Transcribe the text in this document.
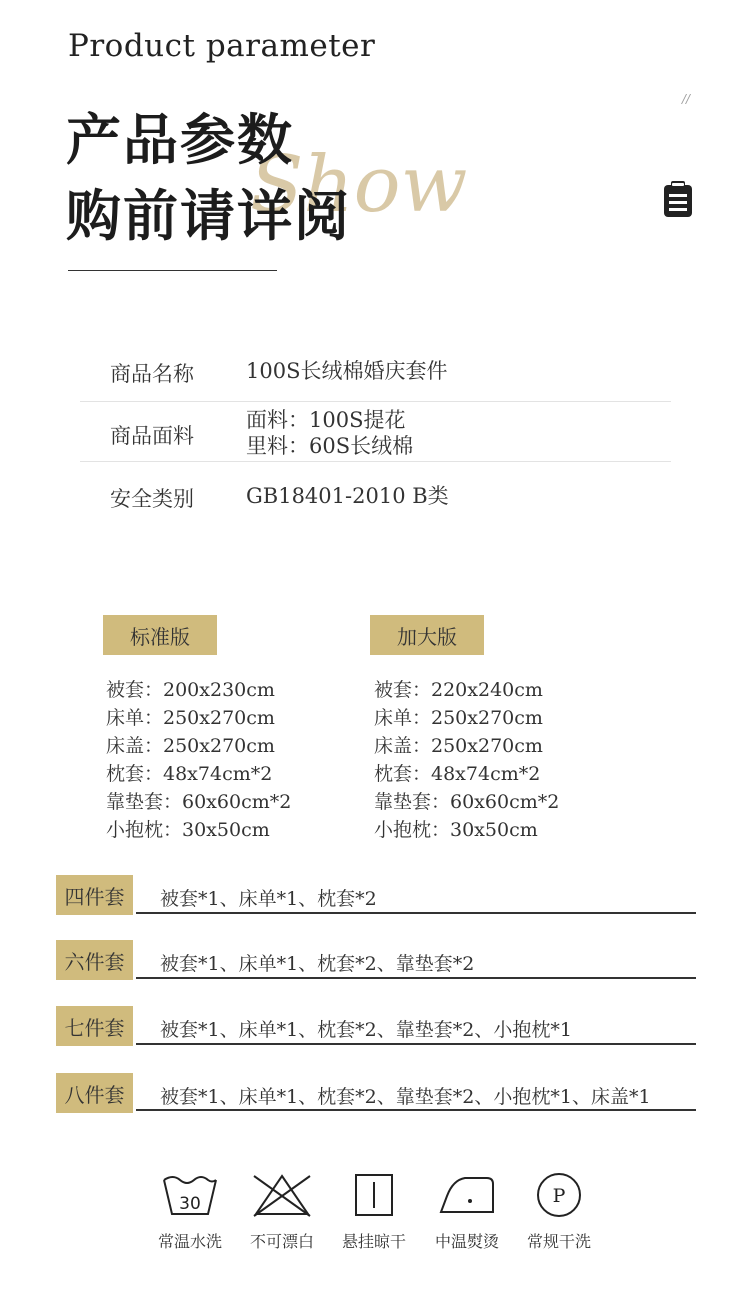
Product parameter
Show
产品参数
购前请详阅
//
商品名称 100S长绒棉婚庆套件
商品面料
面料：100S提花
里料：60S长绒棉
安全类别 GB18401-2010 B类
标准版
被套：200x230cm
床单：250x270cm
床盖：250x270cm
枕套：48x74cm*2
靠垫套：60x60cm*2
小抱枕：30x50cm
加大版
被套：220x240cm
床单：250x270cm
床盖：250x270cm
枕套：48x74cm*2
靠垫套：60x60cm*2
小抱枕：30x50cm
四件套	被套*1、床单*1、枕套*2
六件套	被套*1、床单*1、枕套*2、靠垫套*2
七件套	被套*1、床单*1、枕套*2、靠垫套*2、小抱枕*1
八件套	被套*1、床单*1、枕套*2、靠垫套*2、小抱枕*1、床盖*1
30
常温水洗	不可漂白	悬挂晾干	中温熨烫
P
常规干洗
